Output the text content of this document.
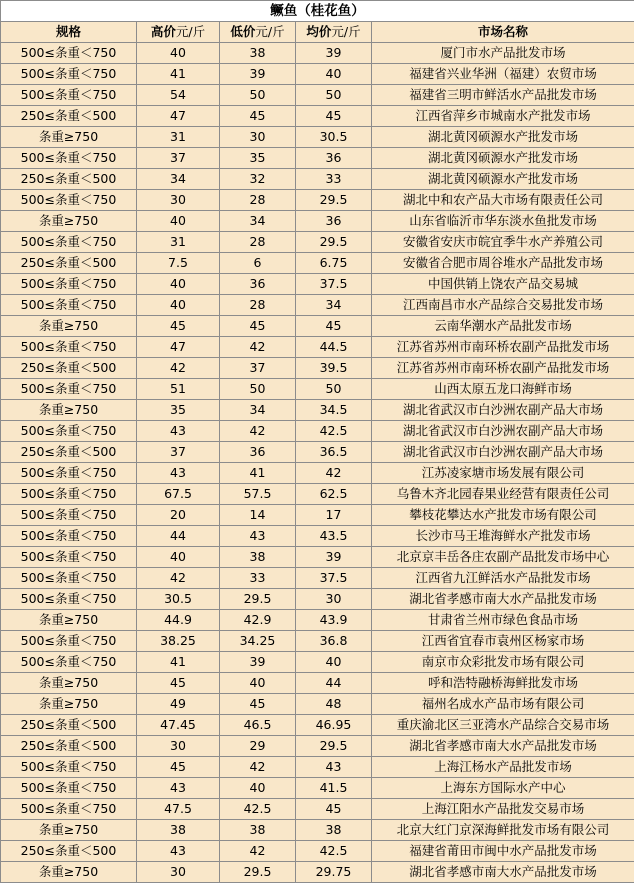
鳜鱼（桂花鱼）				
规格	高价元/斤	低价元/斤	均价元/斤	市场名称
500≤条重＜750	40	38	39	厦门市水产品批发市场
500≤条重＜750	41	39	40	福建省兴业华洲（福建）农贸市场
500≤条重＜750	54	50	50	福建省三明市鲜活水产品批发市场
250≤条重＜500	47	45	45	江西省萍乡市城南水产批发市场
条重≥750	31	30	30.5	湖北黄冈硕源水产批发市场
500≤条重＜750	37	35	36	湖北黄冈硕源水产批发市场
250≤条重＜500	34	32	33	湖北黄冈硕源水产批发市场
500≤条重＜750	30	28	29.5	湖北中和农产品大市场有限责任公司
条重≥750	40	34	36	山东省临沂市华东淡水鱼批发市场
500≤条重＜750	31	28	29.5	安徽省安庆市皖宜季牛水产养殖公司
250≤条重＜500	7.5	6	6.75	安徽省合肥市周谷堆水产品批发市场
500≤条重＜750	40	36	37.5	中国供销上饶农产品交易城
500≤条重＜750	40	28	34	江西南昌市水产品综合交易批发市场
条重≥750	45	45	45	云南华潮水产品批发市场
500≤条重＜750	47	42	44.5	江苏省苏州市南环桥农副产品批发市场
250≤条重＜500	42	37	39.5	江苏省苏州市南环桥农副产品批发市场
500≤条重＜750	51	50	50	山西太原五龙口海鲜市场
条重≥750	35	34	34.5	湖北省武汉市白沙洲农副产品大市场
500≤条重＜750	43	42	42.5	湖北省武汉市白沙洲农副产品大市场
250≤条重＜500	37	36	36.5	湖北省武汉市白沙洲农副产品大市场
500≤条重＜750	43	41	42	江苏凌家塘市场发展有限公司
500≤条重＜750	67.5	57.5	62.5	乌鲁木齐北园春果业经营有限责任公司
500≤条重＜750	20	14	17	攀枝花攀达水产批发市场有限公司
500≤条重＜750	44	43	43.5	长沙市马王堆海鲜水产批发市场
500≤条重＜750	40	38	39	北京京丰岳各庄农副产品批发市场中心
500≤条重＜750	42	33	37.5	江西省九江鲜活水产品批发市场
500≤条重＜750	30.5	29.5	30	湖北省孝感市南大水产品批发市场
条重≥750	44.9	42.9	43.9	甘肃省兰州市绿色食品市场
500≤条重＜750	38.25	34.25	36.8	江西省宜春市袁州区杨家市场
500≤条重＜750	41	39	40	南京市众彩批发市场有限公司
条重≥750	45	40	44	呼和浩特融桥海鲜批发市场
条重≥750	49	45	48	福州名成水产品市场有限公司
250≤条重＜500	47.45	46.5	46.95	重庆渝北区三亚湾水产品综合交易市场
250≤条重＜500	30	29	29.5	湖北省孝感市南大水产品批发市场
500≤条重＜750	45	42	43	上海江杨水产品批发市场
500≤条重＜750	43	40	41.5	上海东方国际水产中心
500≤条重＜750	47.5	42.5	45	上海江阳水产品批发交易市场
条重≥750	38	38	38	北京大红门京深海鲜批发市场有限公司
250≤条重＜500	43	42	42.5	福建省莆田市闽中水产品批发市场
条重≥750	30	29.5	29.75	湖北省孝感市南大水产品批发市场
